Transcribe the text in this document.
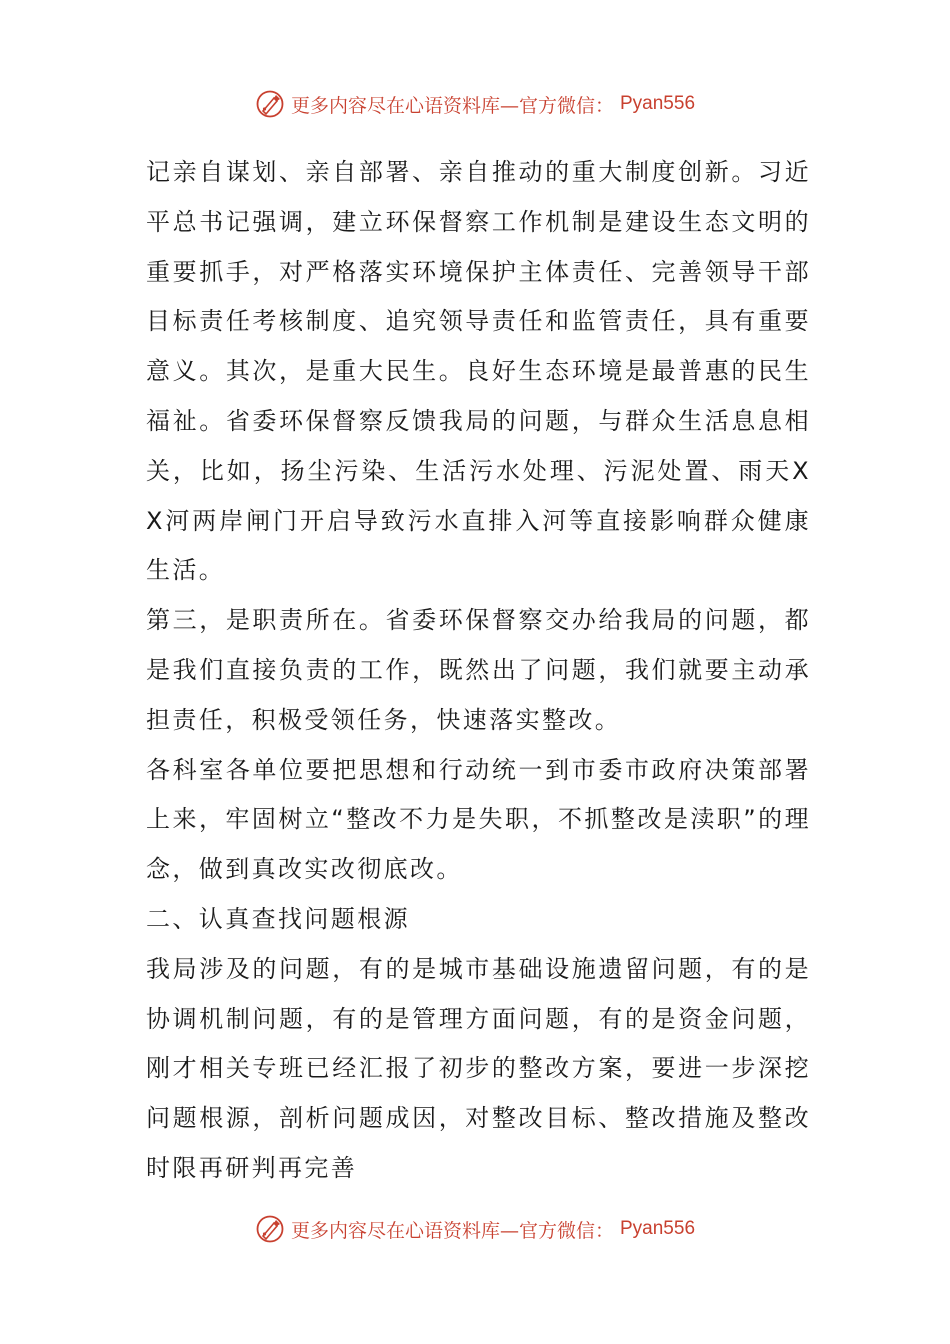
更多内容尽在心语资料库—官方微信： Pyan556

记亲自谋划、亲自部署、亲自推动的重大制度创新。习近平总书记强调，建立环保督察工作机制是建设生态文明的重要抓手，对严格落实环境保护主体责任、完善领导干部目标责任考核制度、追究领导责任和监管责任，具有重要意义。其次，是重大民生。良好生态环境是最普惠的民生福祉。省委环保督察反馈我局的问题，与群众生活息息相关，比如，扬尘污染、生活污水处理、污泥处置、雨天XX河两岸闸门开启导致污水直排入河等直接影响群众健康生活。

第三，是职责所在。省委环保督察交办给我局的问题，都是我们直接负责的工作，既然出了问题，我们就要主动承担责任，积极受领任务，快速落实整改。

各科室各单位要把思想和行动统一到市委市政府决策部署上来，牢固树立“整改不力是失职，不抓整改是渎职”的理念，做到真改实改彻底改。

二、认真查找问题根源

我局涉及的问题，有的是城市基础设施遗留问题，有的是协调机制问题，有的是管理方面问题，有的是资金问题，刚才相关专班已经汇报了初步的整改方案，要进一步深挖问题根源，剖析问题成因，对整改目标、整改措施及整改时限再研判再完善

更多内容尽在心语资料库—官方微信： Pyan556
